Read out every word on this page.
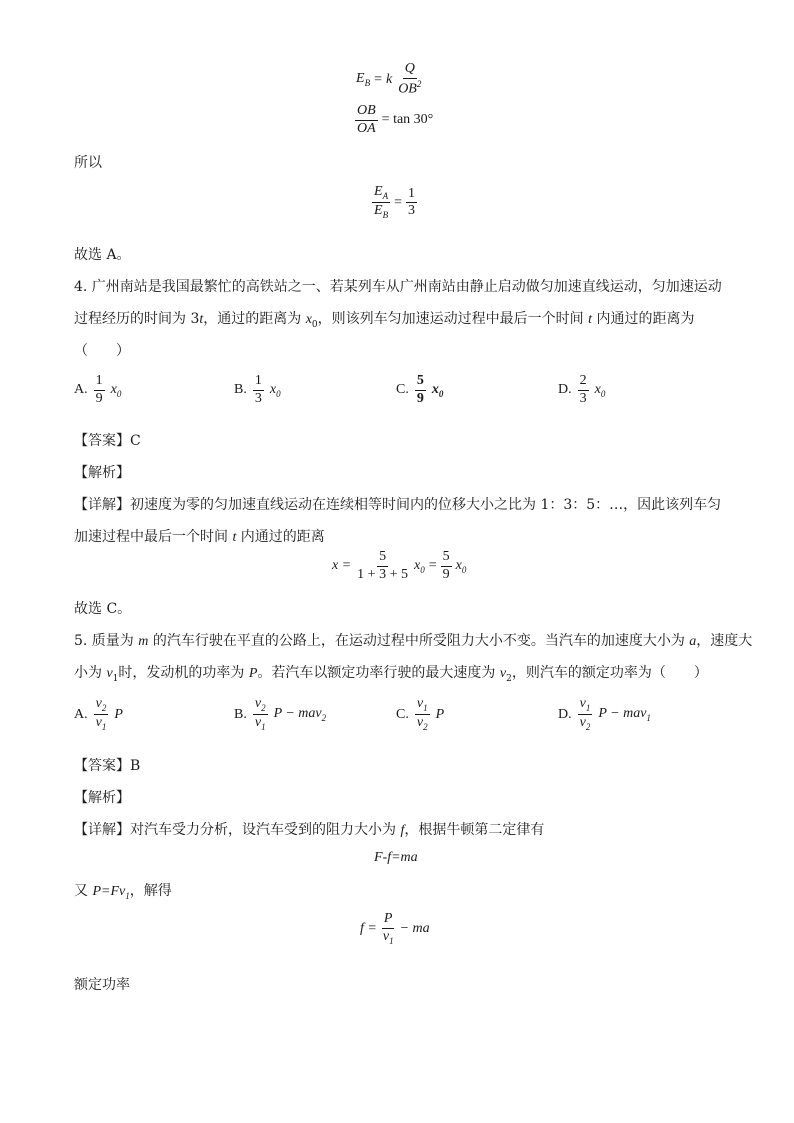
$E_B = k \frac{Q}{OB^2}$
$\frac{OB}{OA} = \tan 30^\circ$
所以
$\frac{E_A}{E_B} = \frac{1}{3}$
故选 A。
4. 广州南站是我国最繁忙的高铁站之一、若某列车从广州南站由静止启动做匀加速直线运动，匀加速运动
过程经历的时间为 3t，通过的距离为 $x_0$，则该列车匀加速运动过程中最后一个时间 t 内通过的距离为
（　　）
A. $\frac{1}{9} x_0$	B. $\frac{1}{3} x_0$	C. $\frac{5}{9} x_0$	D. $\frac{2}{3} x_0$
【答案】C
【解析】
【详解】初速度为零的匀加速直线运动在连续相等时间内的位移大小之比为 1：3：5：…，因此该列车匀
加速过程中最后一个时间 t 内通过的距离
$x = \frac{5}{1 + 3 + 5} x_0 = \frac{5}{9} x_0$
故选 C。
5. 质量为 m 的汽车行驶在平直的公路上，在运动过程中所受阻力大小不变。当汽车的加速度大小为 a，速度大
小为 $v_1$时，发动机的功率为 P。若汽车以额定功率行驶的最大速度为 $v_2$，则汽车的额定功率为（　　）
A. $\frac{v_2}{v_1}$ P	B. $\frac{v_2}{v_1}$ P − mav$_2$	C. $\frac{v_1}{v_2}$ P	D. $\frac{v_1}{v_2}$ P − mav$_1$
【答案】B
【解析】
【详解】对汽车受力分析，设汽车受到的阻力大小为 f，根据牛顿第二定律有
F-f=ma
又 $P=Fv_1$，解得
$f = \frac{P}{v_1}$ − ma
额定功率
